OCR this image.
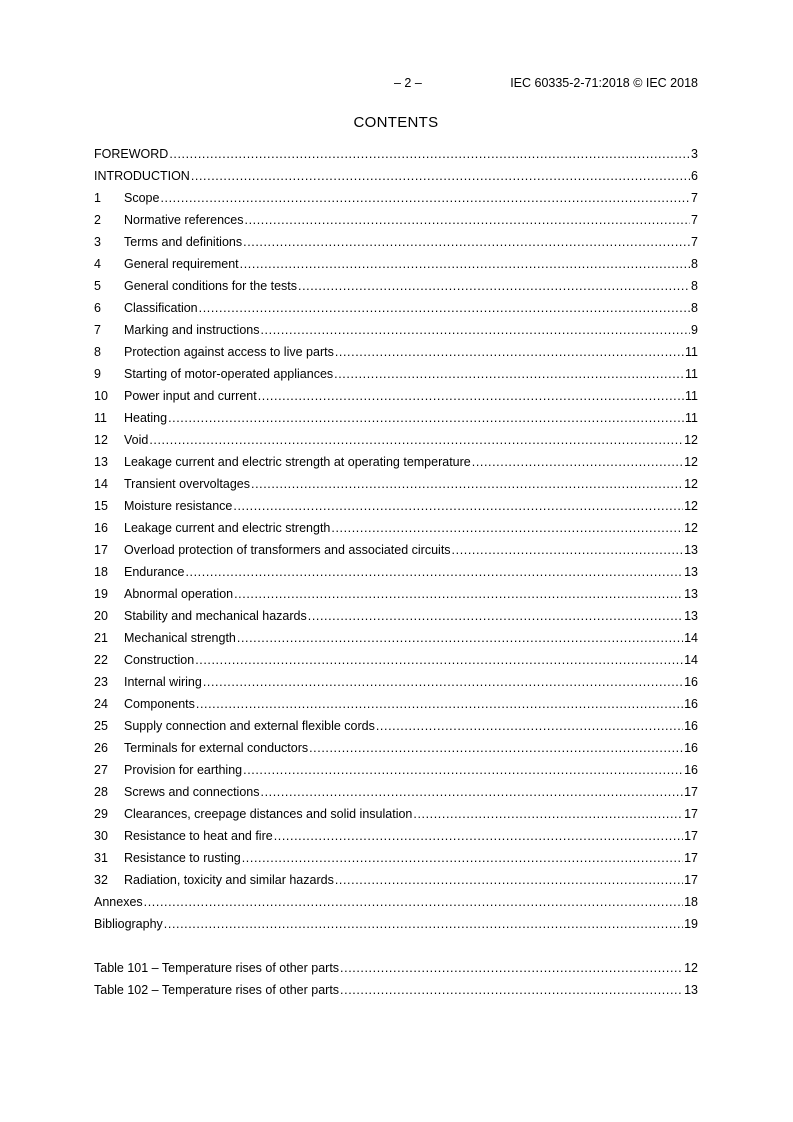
– 2 –	IEC 60335-2-71:2018 © IEC 2018
CONTENTS
FOREWORD .....	3
INTRODUCTION .....	6
1	Scope .....	7
2	Normative references .....	7
3	Terms and definitions .....	7
4	General requirement .....	8
5	General conditions for the tests .....	8
6	Classification .....	8
7	Marking and instructions .....	9
8	Protection against access to live parts .....	11
9	Starting of motor-operated appliances .....	11
10	Power input and current .....	11
11	Heating .....	11
12	Void .....	12
13	Leakage current and electric strength at operating temperature .....	12
14	Transient overvoltages .....	12
15	Moisture resistance .....	12
16	Leakage current and electric strength .....	12
17	Overload protection of transformers and associated circuits .....	13
18	Endurance .....	13
19	Abnormal operation .....	13
20	Stability and mechanical hazards .....	13
21	Mechanical strength .....	14
22	Construction .....	14
23	Internal wiring .....	16
24	Components .....	16
25	Supply connection and external flexible cords .....	16
26	Terminals for external conductors .....	16
27	Provision for earthing .....	16
28	Screws and connections .....	17
29	Clearances, creepage distances and solid insulation .....	17
30	Resistance to heat and fire .....	17
31	Resistance to rusting .....	17
32	Radiation, toxicity and similar hazards .....	17
Annexes .....	18
Bibliography .....	19
Table 101 – Temperature rises of other parts .....	12
Table 102 – Temperature rises of other parts .....	13
